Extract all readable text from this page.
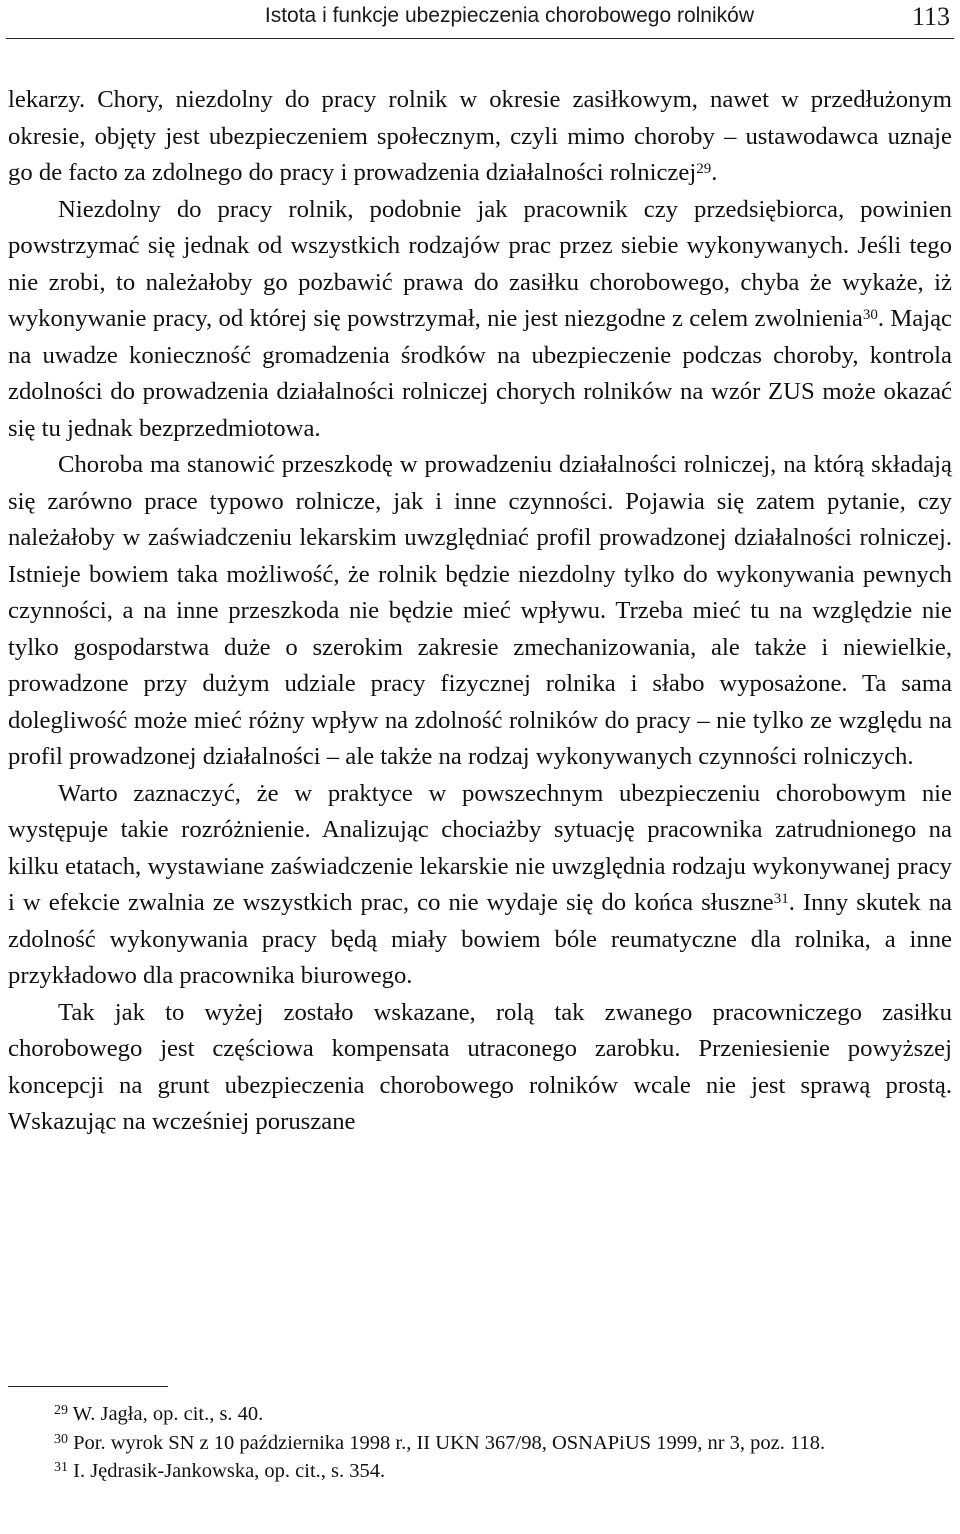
Istota i funkcje ubezpieczenia chorobowego rolników	113

lekarzy. Chory, niezdolny do pracy rolnik w okresie zasiłkowym, nawet w przedłużonym okresie, objęty jest ubezpieczeniem społecznym, czyli mimo choroby – ustawodawca uznaje go de facto za zdolnego do pracy i prowadzenia działalności rolniczej$^{29}$.

Niezdolny do pracy rolnik, podobnie jak pracownik czy przedsiębiorca, powinien powstrzymać się jednak od wszystkich rodzajów prac przez siebie wykonywanych. Jeśli tego nie zrobi, to należałoby go pozbawić prawa do zasiłku chorobowego, chyba że wykaże, iż wykonywanie pracy, od której się powstrzymał, nie jest niezgodne z celem zwolnienia$^{30}$. Mając na uwadze konieczność gromadzenia środków na ubezpieczenie podczas choroby, kontrola zdolności do prowadzenia działalności rolniczej chorych rolników na wzór ZUS może okazać się tu jednak bezprzedmiotowa.

Choroba ma stanowić przeszkodę w prowadzeniu działalności rolniczej, na którą składają się zarówno prace typowo rolnicze, jak i inne czynności. Pojawia się zatem pytanie, czy należałoby w zaświadczeniu lekarskim uwzględniać profil prowadzonej działalności rolniczej. Istnieje bowiem taka możliwość, że rolnik będzie niezdolny tylko do wykonywania pewnych czynności, a na inne przeszkoda nie będzie mieć wpływu. Trzeba mieć tu na względzie nie tylko gospodarstwa duże o szerokim zakresie zmechanizowania, ale także i niewielkie, prowadzone przy dużym udziale pracy fizycznej rolnika i słabo wyposażone. Ta sama dolegliwość może mieć różny wpływ na zdolność rolników do pracy – nie tylko ze względu na profil prowadzonej działalności – ale także na rodzaj wykonywanych czynności rolniczych.

Warto zaznaczyć, że w praktyce w powszechnym ubezpieczeniu chorobowym nie występuje takie rozróżnienie. Analizując chociażby sytuację pracownika zatrudnionego na kilku etatach, wystawiane zaświadczenie lekarskie nie uwzględnia rodzaju wykonywanej pracy i w efekcie zwalnia ze wszystkich prac, co nie wydaje się do końca słuszne$^{31}$. Inny skutek na zdolność wykonywania pracy będą miały bowiem bóle reumatyczne dla rolnika, a inne przykładowo dla pracownika biurowego.

Tak jak to wyżej zostało wskazane, rolą tak zwanego pracowniczego zasiłku chorobowego jest częściowa kompensata utraconego zarobku. Przeniesienie powyższej koncepcji na grunt ubezpieczenia chorobowego rolników wcale nie jest sprawą prostą. Wskazując na wcześniej poruszane

$^{29}$ W. Jagła, op. cit., s. 40.

$^{30}$ Por. wyrok SN z 10 października 1998 r., II UKN 367/98, OSNAPiUS 1999, nr 3, poz. 118.

$^{31}$ I. Jędrasik-Jankowska, op. cit., s. 354.
